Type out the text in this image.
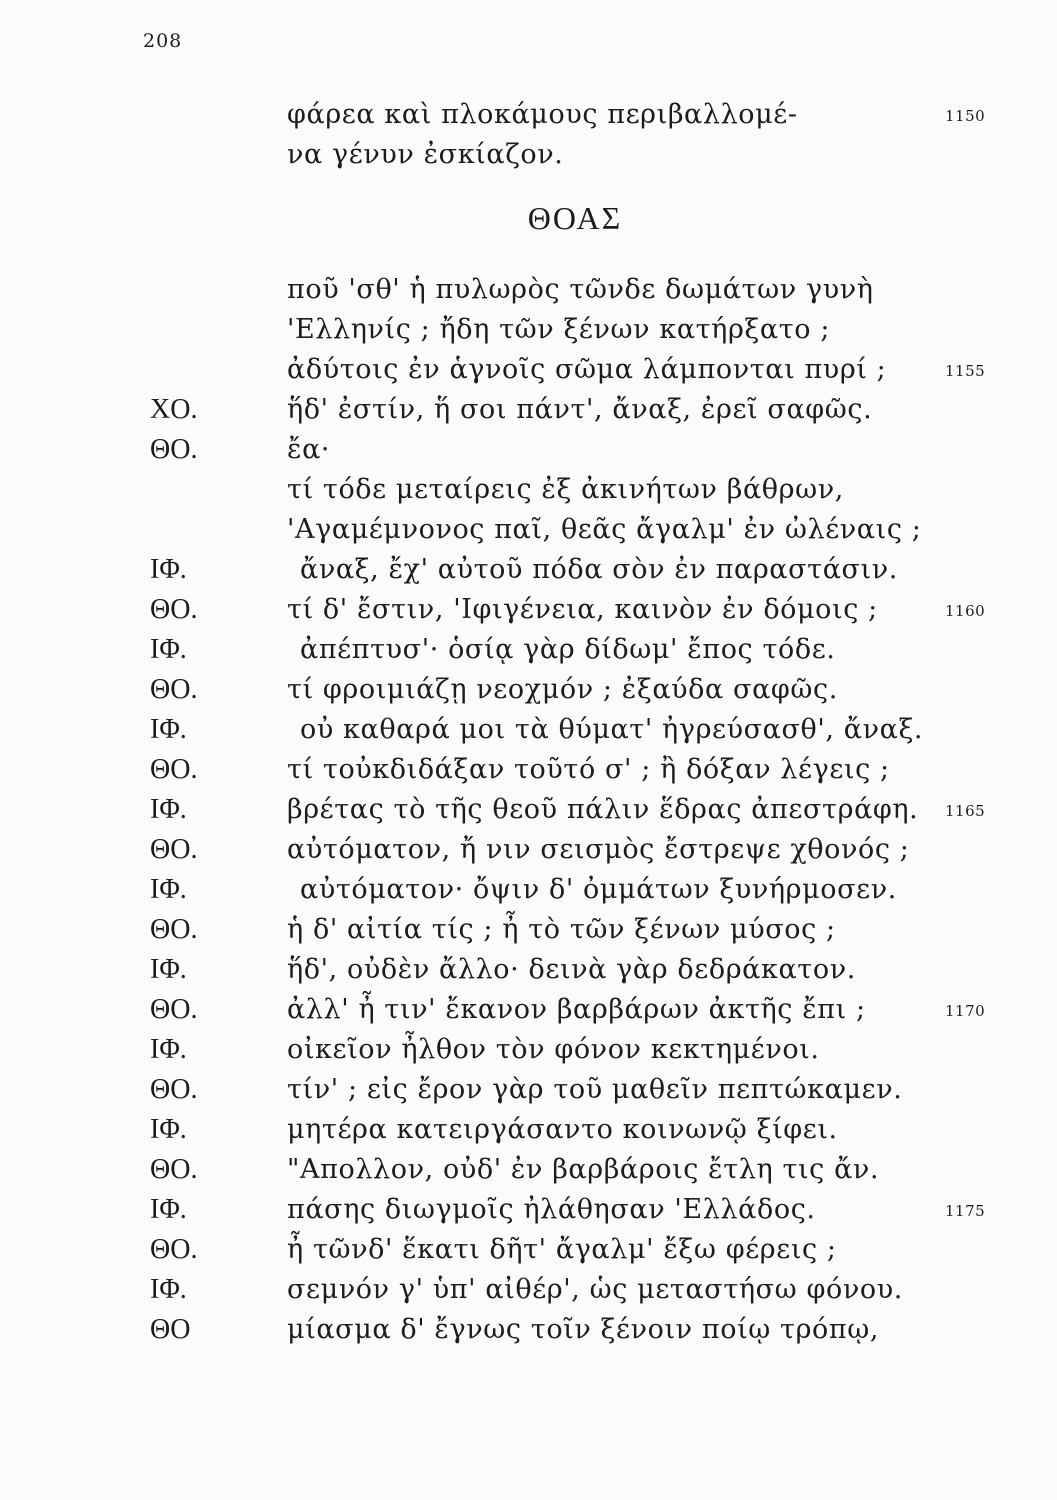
208
ΘΟΑΣ
φάρεα καὶ πλοκάμους περιβαλλομέ-	1150
να γένυν ἐσκίαζον.
ποῦ 'σθ' ἡ πυλωρὸς τῶνδε δωμάτων γυνὴ
'Ελληνίς ; ἤδη τῶν ξένων κατήρξατο ;
ἀδύτοις ἐν ἁγνοῖς σῶμα λάμπονται πυρί ;	1155
ΧΟ.	ἥδ' ἐστίν, ἥ σοι πάντ', ἄναξ, ἐρεῖ σαφῶς.
ΘΟ.	ἔα·
τί τόδε μεταίρεις ἐξ ἀκινήτων βάθρων,
'Αγαμέμνονος παῖ, θεᾶς ἄγαλμ' ἐν ὠλέναις ;
ΙΦ.	ἄναξ, ἔχ' αὐτοῦ πόδα σὸν ἐν παραστάσιν.
ΘΟ.	τί δ' ἔστιν, 'Ιφιγένεια, καινὸν ἐν δόμοις ;	1160
ΙΦ.	ἀπέπτυσ'· ὁσίᾳ γὰρ δίδωμ' ἔπος τόδε.
ΘΟ.	τί φροιμιάζῃ νεοχμόν ; ἐξαύδα σαφῶς.
ΙΦ.	οὐ καθαρά μοι τὰ θύματ' ἠγρεύσασθ', ἄναξ.
ΘΟ.	τί τοὐκδιδάξαν τοῦτό σ' ; ἢ δόξαν λέγεις ;
ΙΦ.	βρέτας τὸ τῆς θεοῦ πάλιν ἕδρας ἀπεστράφη. 1165
ΘΟ.	αὐτόματον, ἤ νιν σεισμὸς ἔστρεψε χθονός ;
ΙΦ.	αὐτόματον· ὄψιν δ' ὀμμάτων ξυνήρμοσεν.
ΘΟ.	ἡ δ' αἰτία τίς ; ἦ τὸ τῶν ξένων μύσος ;
ΙΦ.	ἥδ', οὐδὲν ἄλλο· δεινὰ γὰρ δεδράκατον.
ΘΟ.	ἀλλ' ἦ τιν' ἔκανον βαρβάρων ἀκτῆς ἔπι ;	1170
ΙΦ.	οἰκεῖον ἦλθον τὸν φόνον κεκτημένοι.
ΘΟ.	τίν' ; εἰς ἔρον γὰρ τοῦ μαθεῖν πεπτώκαμεν.
ΙΦ.	μητέρα κατειργάσαντο κοινωνῷ ξίφει.
ΘΟ.	"Απολλον, οὐδ' ἐν βαρβάροις ἔτλη τις ἄν.
ΙΦ.	πάσης διωγμοῖς ἠλάθησαν 'Ελλάδος.	1175
ΘΟ.	ἦ τῶνδ' ἕκατι δῆτ' ἄγαλμ' ἔξω φέρεις ;
ΙΦ.	σεμνόν γ' ὑπ' αἰθέρ', ὡς μεταστήσω φόνου.
ΘΟ	μίασμα δ' ἔγνως τοῖν ξένοιν ποίῳ τρόπῳ,
